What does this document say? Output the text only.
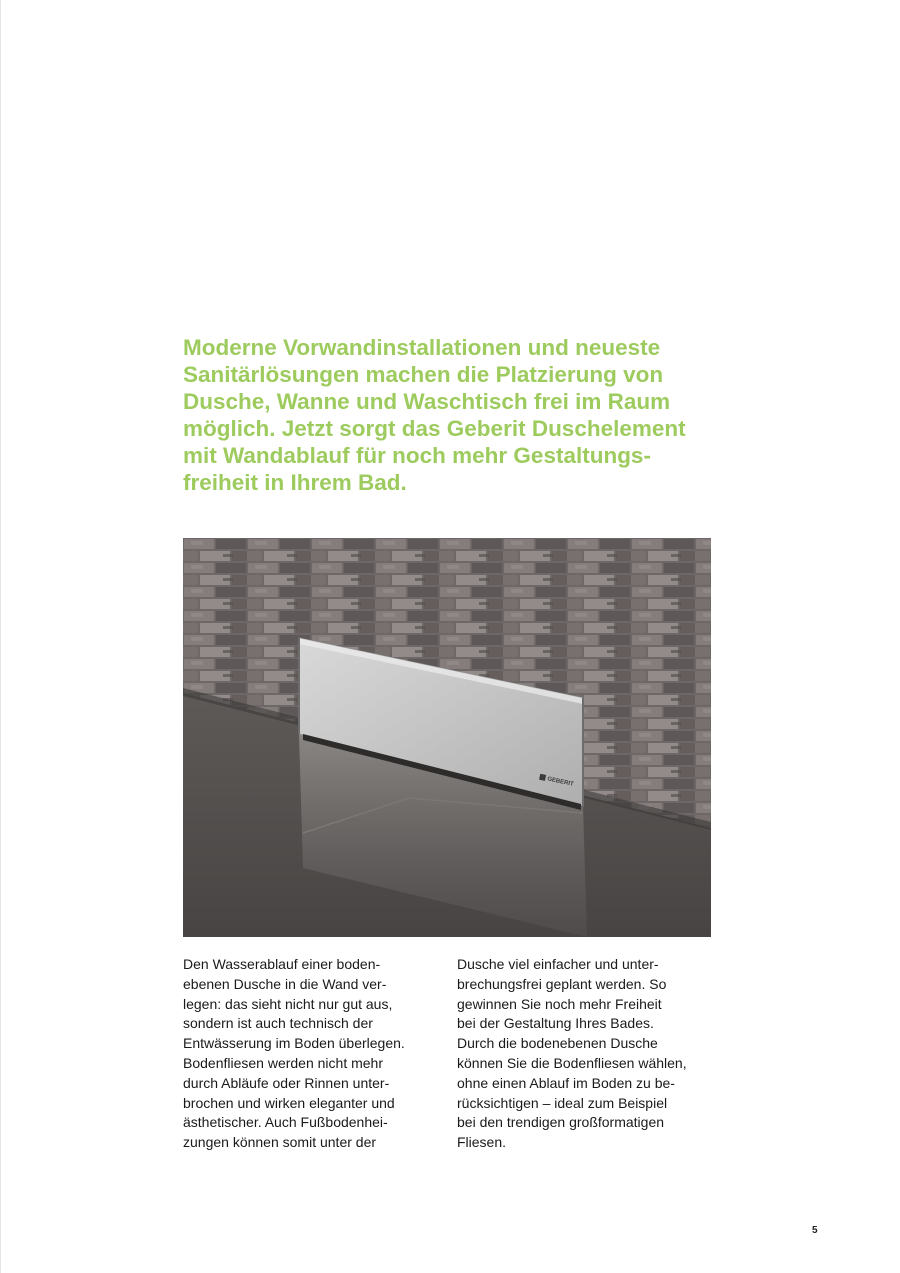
Moderne Vorwandinstallationen und neueste
Sanitärlösungen machen die Platzierung von
Dusche, Wanne und Waschtisch frei im Raum
möglich. Jetzt sorgt das Geberit Duschelement
mit Wandablauf für noch mehr Gestaltungs-
freiheit in Ihrem Bad.
GEBERIT

Den Wasserablauf einer boden-
ebenen Dusche in die Wand ver-
legen: das sieht nicht nur gut aus,
sondern ist auch technisch der
Entwässerung im Boden überlegen.
Bodenfliesen werden nicht mehr
durch Abläufe oder Rinnen unter-
brochen und wirken eleganter und
ästhetischer. Auch Fußbodenhei-
zungen können somit unter der

Dusche viel einfacher und unter-
brechungsfrei geplant werden. So
gewinnen Sie noch mehr Freiheit
bei der Gestaltung Ihres Bades.
Durch die bodenebenen Dusche
können Sie die Bodenfliesen wählen,
ohne einen Ablauf im Boden zu be-
rücksichtigen – ideal zum Beispiel
bei den trendigen großformatigen
Fliesen.

5
